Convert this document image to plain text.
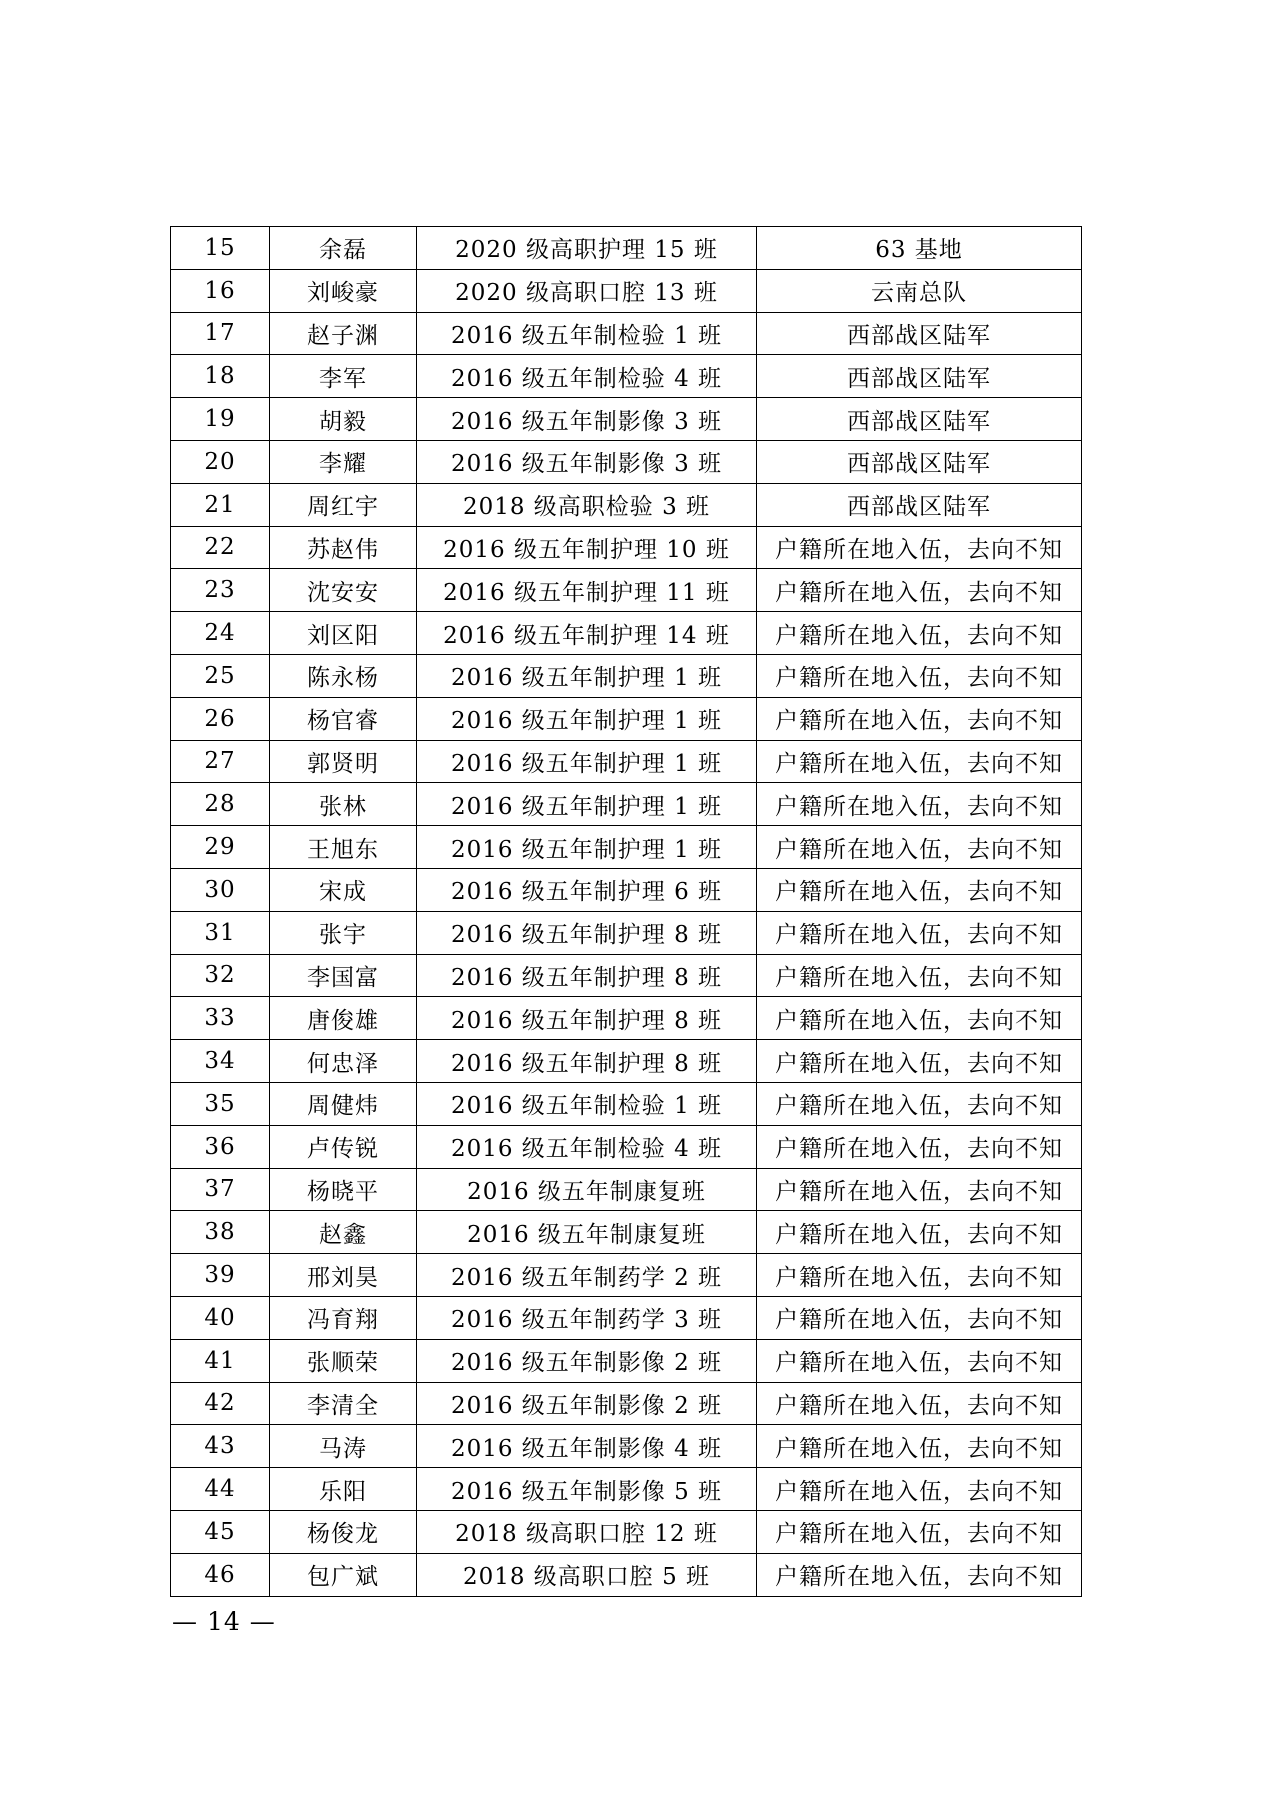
15	余磊	2020 级高职护理 15 班	63 基地
16	刘峻豪	2020 级高职口腔 13 班	云南总队
17	赵子渊	2016 级五年制检验 1 班	西部战区陆军
18	李军	2016 级五年制检验 4 班	西部战区陆军
19	胡毅	2016 级五年制影像 3 班	西部战区陆军
20	李耀	2016 级五年制影像 3 班	西部战区陆军
21	周红宇	2018 级高职检验 3 班	西部战区陆军
22	苏赵伟	2016 级五年制护理 10 班	户籍所在地入伍，去向不知
23	沈安安	2016 级五年制护理 11 班	户籍所在地入伍，去向不知
24	刘区阳	2016 级五年制护理 14 班	户籍所在地入伍，去向不知
25	陈永杨	2016 级五年制护理 1 班	户籍所在地入伍，去向不知
26	杨官睿	2016 级五年制护理 1 班	户籍所在地入伍，去向不知
27	郭贤明	2016 级五年制护理 1 班	户籍所在地入伍，去向不知
28	张林	2016 级五年制护理 1 班	户籍所在地入伍，去向不知
29	王旭东	2016 级五年制护理 1 班	户籍所在地入伍，去向不知
30	宋成	2016 级五年制护理 6 班	户籍所在地入伍，去向不知
31	张宇	2016 级五年制护理 8 班	户籍所在地入伍，去向不知
32	李国富	2016 级五年制护理 8 班	户籍所在地入伍，去向不知
33	唐俊雄	2016 级五年制护理 8 班	户籍所在地入伍，去向不知
34	何忠泽	2016 级五年制护理 8 班	户籍所在地入伍，去向不知
35	周健炜	2016 级五年制检验 1 班	户籍所在地入伍，去向不知
36	卢传锐	2016 级五年制检验 4 班	户籍所在地入伍，去向不知
37	杨晓平	2016 级五年制康复班	户籍所在地入伍，去向不知
38	赵鑫	2016 级五年制康复班	户籍所在地入伍，去向不知
39	邢刘昊	2016 级五年制药学 2 班	户籍所在地入伍，去向不知
40	冯育翔	2016 级五年制药学 3 班	户籍所在地入伍，去向不知
41	张顺荣	2016 级五年制影像 2 班	户籍所在地入伍，去向不知
42	李清全	2016 级五年制影像 2 班	户籍所在地入伍，去向不知
43	马涛	2016 级五年制影像 4 班	户籍所在地入伍，去向不知
44	乐阳	2016 级五年制影像 5 班	户籍所在地入伍，去向不知
45	杨俊龙	2018 级高职口腔 12 班	户籍所在地入伍，去向不知
46	包广斌	2018 级高职口腔 5 班	户籍所在地入伍，去向不知
— 14 —
